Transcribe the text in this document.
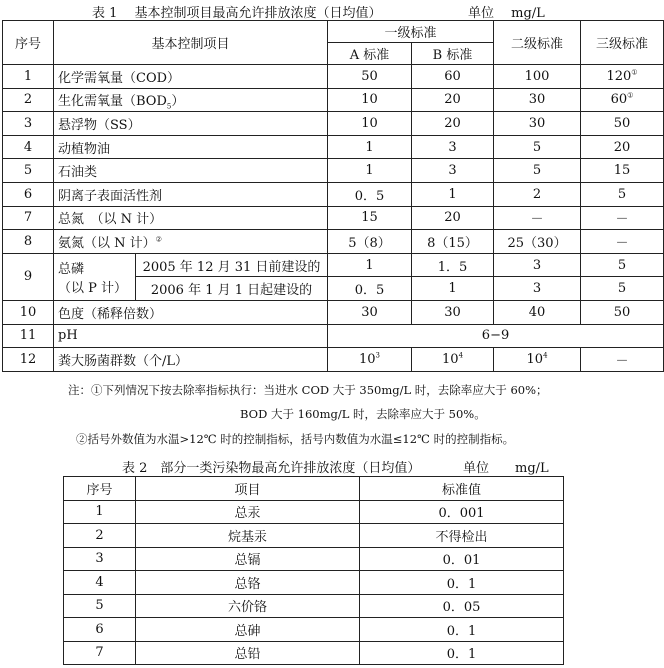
表 1　 基本控制项目最高允许排放浓度（日均值）	单位　 mg/L
序号	基本控制项目		一级标准		二级标准	三级标准
			A 标准	B 标准		
1	化学需氧量（COD）		50	60	100	120①
2	生化需氧量$(BOD_5)$		10	20	30	60①
3	悬浮物（SS）		10	20	30	50
4	动植物油		1	3	5	20
5	石油类		1	3	5	15
6	阴离子表面活性剂		0．5	1	2	5
7	总氮　（以 N 计）		15	20	－	－
8	氨氮（以 N 计）②		5（8）	8（15）	25（30）	－
9	总磷
（以 P 计）	2005 年 12 月 31 日前建设的	1	1．5	3	5
		2006 年 1 月 1 日起建设的	0．5	1	3	5
10	色度（稀释倍数）		30	30	40	50
11	pH		6−9			
12	粪大肠菌群数（个/L）		$10^3$	$10^4$	$10^4$	－
注：①下列情况下按去除率指标执行：当进水 COD 大于 350mg/L 时，去除率应大于 60%；
BOD 大于 160mg/L 时，去除率应大于 50%。
②括号外数值为水温>12℃ 时的控制指标，括号内数值为水温≤12℃ 时的控制指标。
表 2　部分一类污染物最高允许排放浓度（日均值）	单位　　mg/L
序号	项目	标准值
1	总汞	0．001
2	烷基汞	不得检出
3	总镉	0．01
4	总铬	0．1
5	六价铬	0．05
6	总砷	0．1
7	总铅	0．1
